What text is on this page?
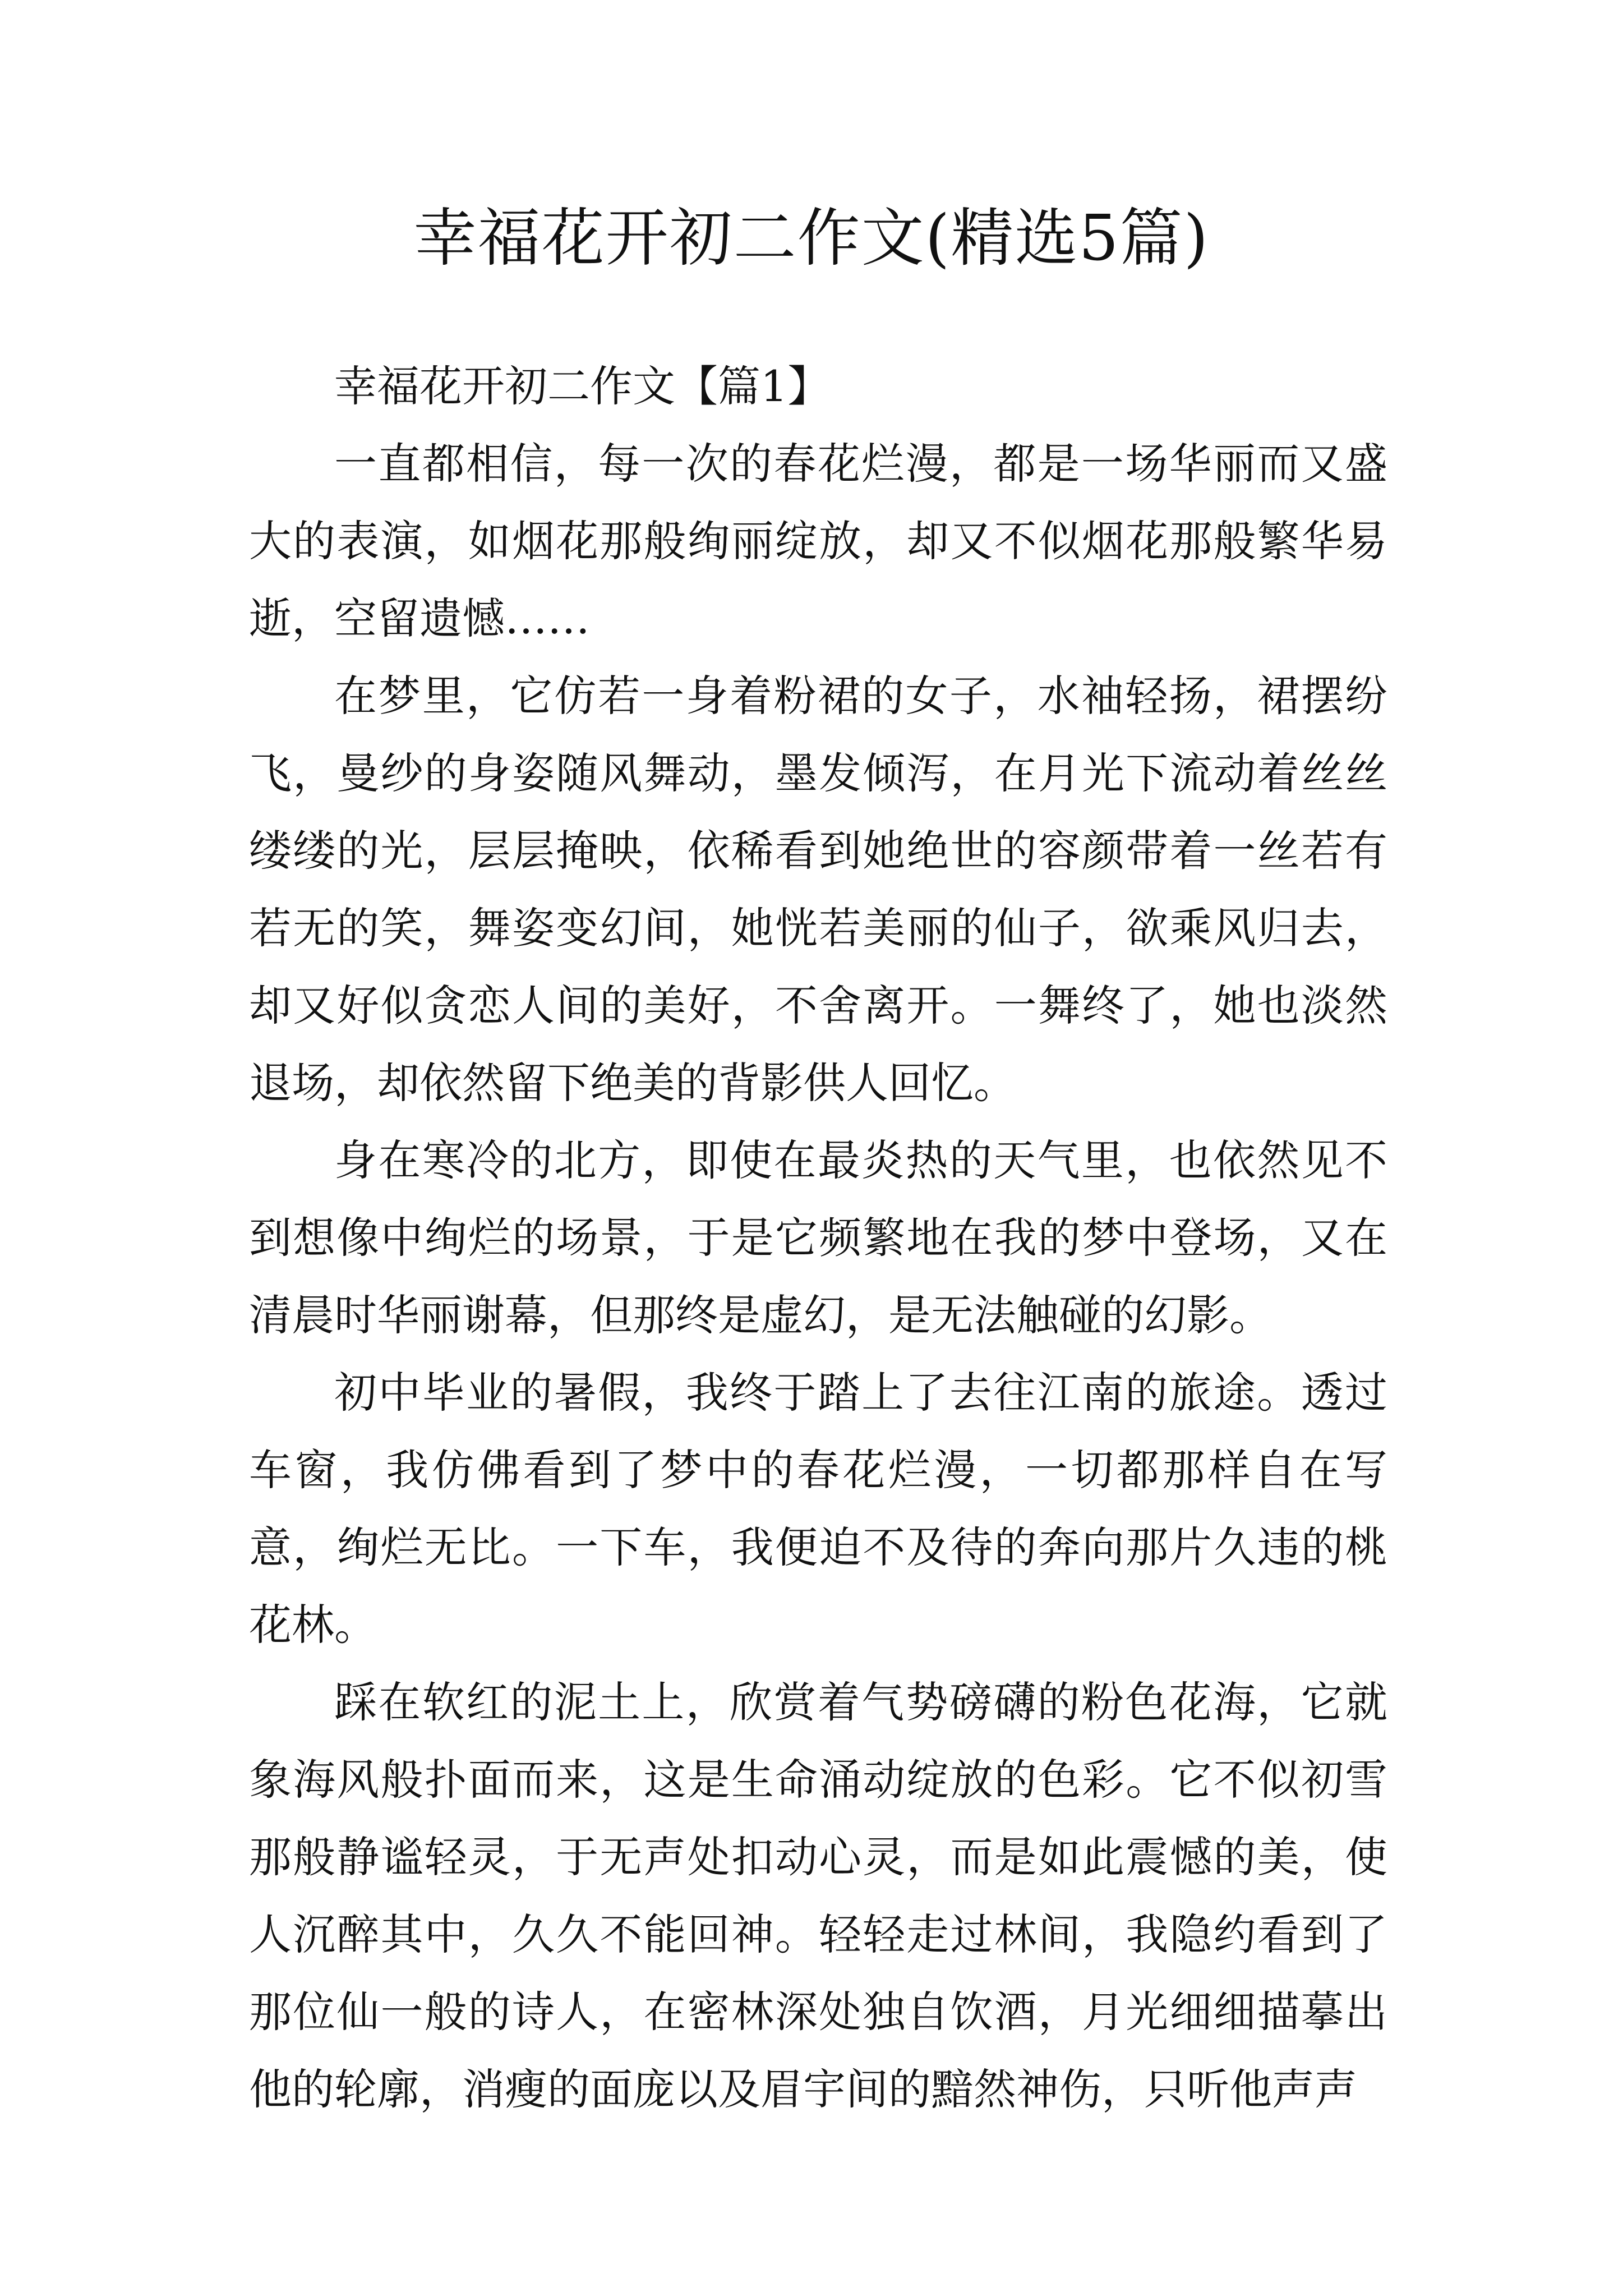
幸福花开初二作文(精选5篇)

幸福花开初二作文【篇1】

一直都相信，每一次的春花烂漫，都是一场华丽而又盛大的表演，如烟花那般绚丽绽放，却又不似烟花那般繁华易逝，空留遗憾……

在梦里，它仿若一身着粉裙的女子，水袖轻扬，裙摆纷飞，曼纱的身姿随风舞动，墨发倾泻，在月光下流动着丝丝缕缕的光，层层掩映，依稀看到她绝世的容颜带着一丝若有若无的笑，舞姿变幻间，她恍若美丽的仙子，欲乘风归去，却又好似贪恋人间的美好，不舍离开。一舞终了，她也淡然退场，却依然留下绝美的背影供人回忆。

身在寒冷的北方，即使在最炎热的天气里，也依然见不到想像中绚烂的场景，于是它频繁地在我的梦中登场，又在清晨时华丽谢幕，但那终是虚幻，是无法触碰的幻影。

初中毕业的暑假，我终于踏上了去往江南的旅途。透过车窗，我仿佛看到了梦中的春花烂漫，一切都那样自在写意，绚烂无比。一下车，我便迫不及待的奔向那片久违的桃花林。

踩在软红的泥土上，欣赏着气势磅礴的粉色花海，它就象海风般扑面而来，这是生命涌动绽放的色彩。它不似初雪那般静谧轻灵，于无声处扣动心灵，而是如此震憾的美，使人沉醉其中，久久不能回神。轻轻走过林间，我隐约看到了那位仙一般的诗人，在密林深处独自饮酒，月光细细描摹出他的轮廓，消瘦的面庞以及眉宇间的黯然神伤，只听他声声
